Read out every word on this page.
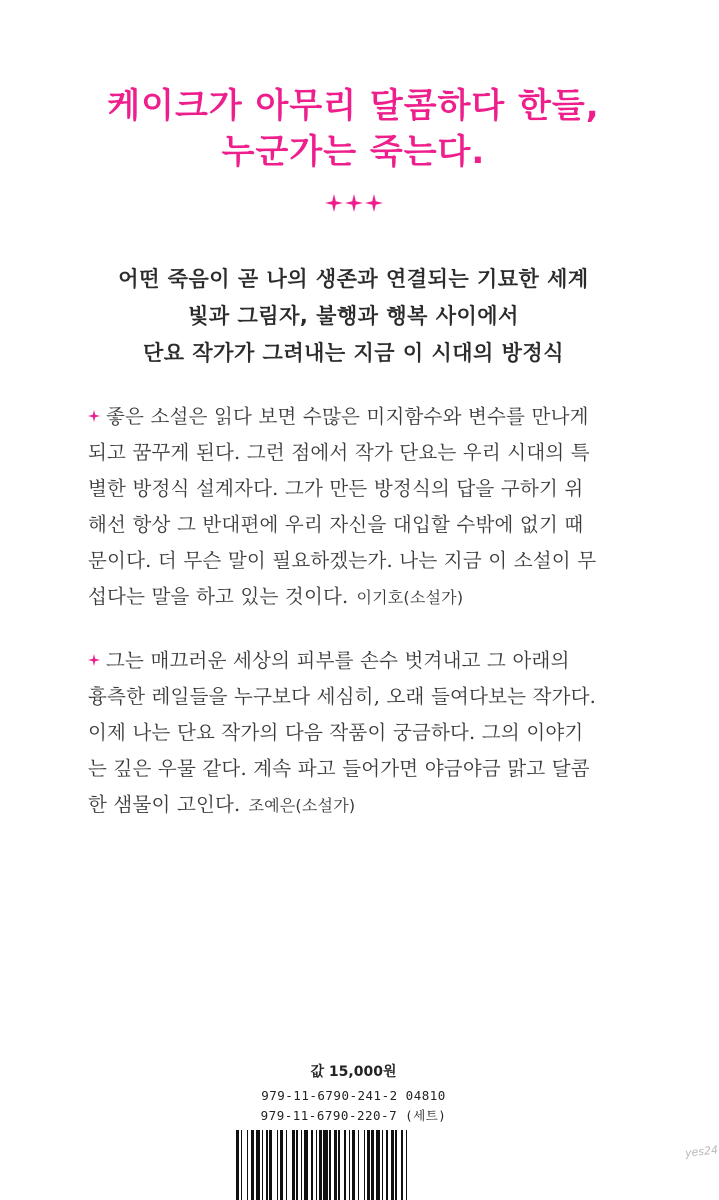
케이크가 아무리 달콤하다 한들,
누군가는 죽는다.
어떤 죽음이 곧 나의 생존과 연결되는 기묘한 세계
빛과 그림자, 불행과 행복 사이에서
단요 작가가 그려내는 지금 이 시대의 방정식
좋은 소설은 읽다 보면 수많은 미지함수와 변수를 만나게
되고 꿈꾸게 된다. 그런 점에서 작가 단요는 우리 시대의 특
별한 방정식 설계자다. 그가 만든 방정식의 답을 구하기 위
해선 항상 그 반대편에 우리 자신을 대입할 수밖에 없기 때
문이다. 더 무슨 말이 필요하겠는가. 나는 지금 이 소설이 무
섭다는 말을 하고 있는 것이다. 이기호(소설가)
그는 매끄러운 세상의 피부를 손수 벗겨내고 그 아래의
흉측한 레일들을 누구보다 세심히, 오래 들여다보는 작가다.
이제 나는 단요 작가의 다음 작품이 궁금하다. 그의 이야기
는 깊은 우물 같다. 계속 파고 들어가면 야금야금 맑고 달콤
한 샘물이 고인다. 조예은(소설가)
값 15,000원
979-11-6790-241-2 04810
979-11-6790-220-7 (세트)
yes24
